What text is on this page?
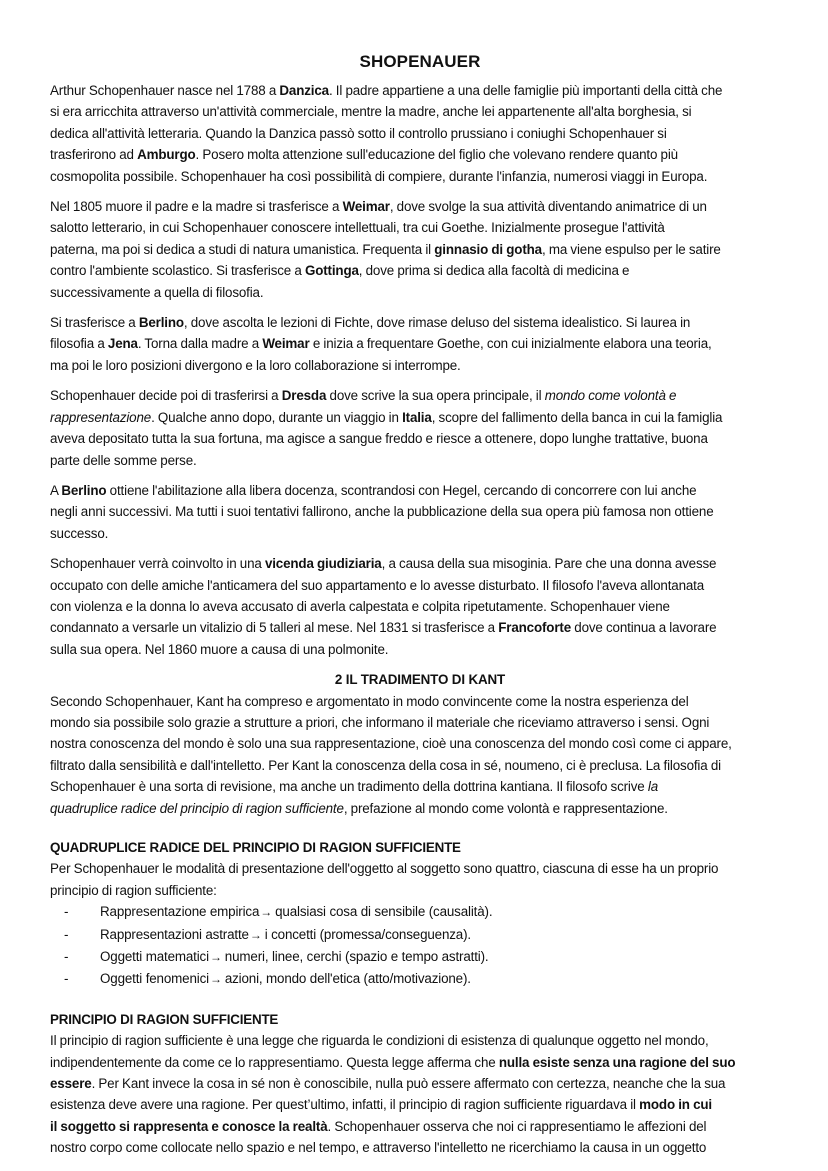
SHOPENAUER
Arthur Schopenhauer nasce nel 1788 a Danzica. Il padre appartiene a una delle famiglie più importanti della città che
si era arricchita attraverso un'attività commerciale, mentre la madre, anche lei appartenente all'alta borghesia, si
dedica all'attività letteraria. Quando la Danzica passò sotto il controllo prussiano i coniughi Schopenhauer si
trasferirono ad Amburgo. Posero molta attenzione sull'educazione del figlio che volevano rendere quanto più
cosmopolita possibile. Schopenhauer ha così possibilità di compiere, durante l'infanzia, numerosi viaggi in Europa.
Nel 1805 muore il padre e la madre si trasferisce a Weimar, dove svolge la sua attività diventando animatrice di un
salotto letterario, in cui Schopenhauer conoscere intellettuali, tra cui Goethe. Inizialmente prosegue l'attività
paterna, ma poi si dedica a studi di natura umanistica. Frequenta il ginnasio di gotha, ma viene espulso per le satire
contro l'ambiente scolastico. Si trasferisce a Gottinga, dove prima si dedica alla facoltà di medicina e
successivamente a quella di filosofia.
Si trasferisce a Berlino, dove ascolta le lezioni di Fichte, dove rimase deluso del sistema idealistico. Si laurea in
filosofia a Jena. Torna dalla madre a Weimar e inizia a frequentare Goethe, con cui inizialmente elabora una teoria,
ma poi le loro posizioni divergono e la loro collaborazione si interrompe.
Schopenhauer decide poi di trasferirsi a Dresda dove scrive la sua opera principale, il mondo come volontà e
rappresentazione. Qualche anno dopo, durante un viaggio in Italia, scopre del fallimento della banca in cui la famiglia
aveva depositato tutta la sua fortuna, ma agisce a sangue freddo e riesce a ottenere, dopo lunghe trattative, buona
parte delle somme perse.
A Berlino ottiene l'abilitazione alla libera docenza, scontrandosi con Hegel, cercando di concorrere con lui anche
negli anni successivi. Ma tutti i suoi tentativi fallirono, anche la pubblicazione della sua opera più famosa non ottiene
successo.
Schopenhauer verrà coinvolto in una vicenda giudiziaria, a causa della sua misoginia. Pare che una donna avesse
occupato con delle amiche l'anticamera del suo appartamento e lo avesse disturbato. Il filosofo l'aveva allontanata
con violenza e la donna lo aveva accusato di averla calpestata e colpita ripetutamente. Schopenhauer viene
condannato a versarle un vitalizio di 5 talleri al mese. Nel 1831 si trasferisce a Francoforte dove continua a lavorare
sulla sua opera. Nel 1860 muore a causa di una polmonite.
2 IL TRADIMENTO DI KANT
Secondo Schopenhauer, Kant ha compreso e argomentato in modo convincente come la nostra esperienza del
mondo sia possibile solo grazie a strutture a priori, che informano il materiale che riceviamo attraverso i sensi. Ogni
nostra conoscenza del mondo è solo una sua rappresentazione, cioè una conoscenza del mondo così come ci appare,
filtrato dalla sensibilità e dall'intelletto. Per Kant la conoscenza della cosa in sé, noumeno, ci è preclusa. La filosofia di
Schopenhauer è una sorta di revisione, ma anche un tradimento della dottrina kantiana. Il filosofo scrive la
quadruplice radice del principio di ragion sufficiente, prefazione al mondo come volontà e rappresentazione.
QUADRUPLICE RADICE DEL PRINCIPIO DI RAGION SUFFICIENTE
Per Schopenhauer le modalità di presentazione dell'oggetto al soggetto sono quattro, ciascuna di esse ha un proprio
principio di ragion sufficiente:
- Rappresentazione empirica→ qualsiasi cosa di sensibile (causalità).
- Rappresentazioni astratte→ i concetti (promessa/conseguenza).
- Oggetti matematici→ numeri, linee, cerchi (spazio e tempo astratti).
- Oggetti fenomenici→ azioni, mondo dell'etica (atto/motivazione).
PRINCIPIO DI RAGION SUFFICIENTE
Il principio di ragion sufficiente è una legge che riguarda le condizioni di esistenza di qualunque oggetto nel mondo,
indipendentemente da come ce lo rappresentiamo. Questa legge afferma che nulla esiste senza una ragione del suo
essere. Per Kant invece la cosa in sé non è conoscibile, nulla può essere affermato con certezza, neanche che la sua
esistenza deve avere una ragione. Per quest’ultimo, infatti, il principio di ragion sufficiente riguardava il modo in cui
il soggetto si rappresenta e conosce la realtà. Schopenhauer osserva che noi ci rappresentiamo le affezioni del
nostro corpo come collocate nello spazio e nel tempo, e attraverso l'intelletto ne ricerchiamo la causa in un oggetto
